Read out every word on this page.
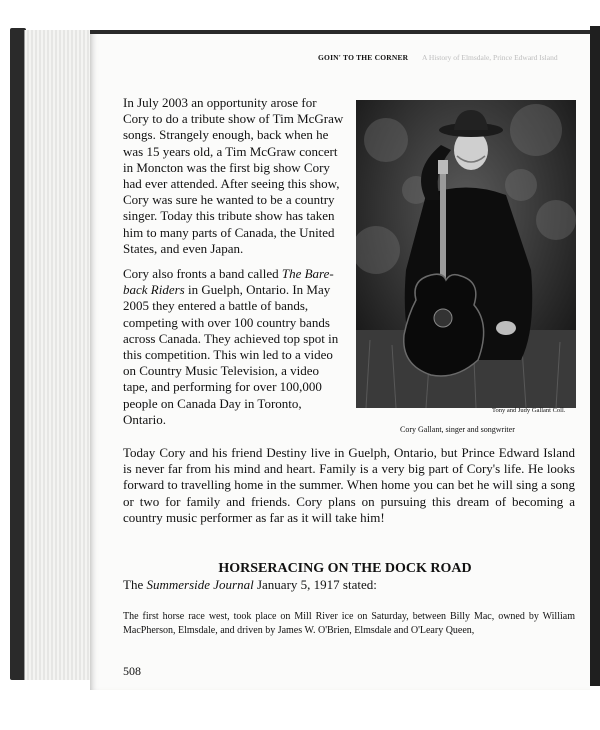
GOIN' TO THE CORNER A History of Elmsdale, Prince Edward Island

In July 2003 an opportunity arose for Cory to do a tribute show of Tim McGraw songs. Strangely enough, back when he was 15 years old, a Tim McGraw concert in Moncton was the first big show Cory had ever attended. After seeing this show, Cory was sure he wanted to be a country singer. Today this tribute show has taken him to many parts of Canada, the United States, and even Japan.

Cory also fronts a band called The Bare-back Riders in Guelph, Ontario. In May 2005 they entered a battle of bands, competing with over 100 country bands across Canada. They achieved top spot in this competition. This win led to a video on Country Music Television, a video tape, and performing for over 100,000 people on Canada Day in Toronto, Ontario.

Tony and Judy Gallant Coll.
Cory Gallant, singer and songwriter

Today Cory and his friend Destiny live in Guelph, Ontario, but Prince Edward Island is never far from his mind and heart. Family is a very big part of Cory's life. He looks forward to travelling home in the summer. When home you can bet he will sing a song or two for family and friends. Cory plans on pursuing this dream of becoming a country music performer as far as it will take him!

HORSERACING ON THE DOCK ROAD
The Summerside Journal January 5, 1917 stated:
The first horse race west, took place on Mill River ice on Saturday, between Billy Mac, owned by William MacPherson, Elmsdale, and driven by James W. O'Brien, Elmsdale and O'Leary Queen,
508
